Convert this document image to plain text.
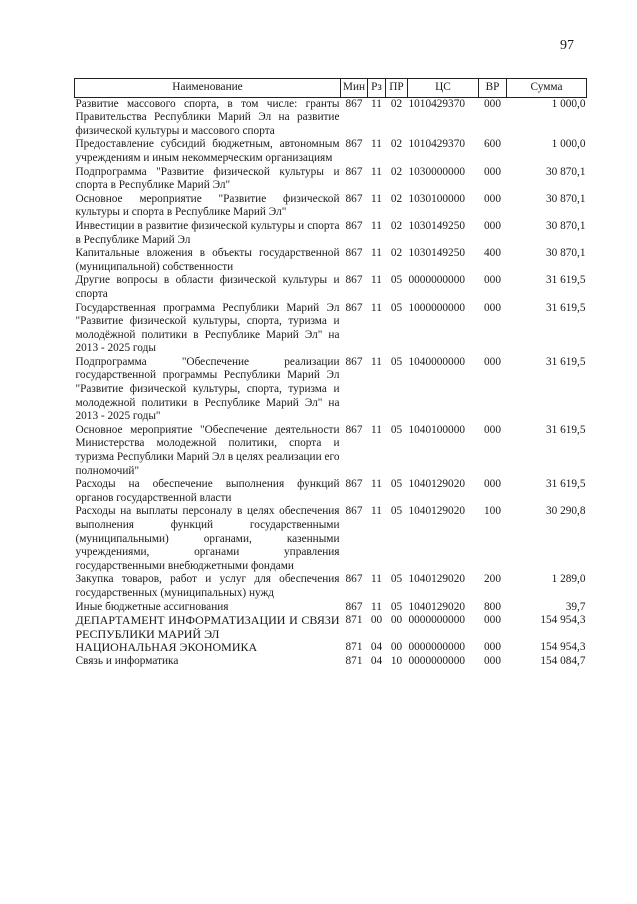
97
Наименование	Мин	Рз	ПР	ЦС	ВР	Сумма
Развитие массового спорта, в том числе: гранты Правительства Республики Марий Эл на развитие физической культуры и массового спорта	867	11	02	1010429370	000	1 000,0
Предоставление субсидий бюджетным, автономным учреждениям и иным некоммерческим организациям	867	11	02	1010429370	600	1 000,0
Подпрограмма "Развитие физической культуры и спорта в Республике Марий Эл"	867	11	02	1030000000	000	30 870,1
Основное мероприятие "Развитие физической культуры и спорта в Республике Марий Эл"	867	11	02	1030100000	000	30 870,1
Инвестиции в развитие физической культуры и спорта в Республике Марий Эл	867	11	02	1030149250	000	30 870,1
Капитальные вложения в объекты государственной (муниципальной) собственности	867	11	02	1030149250	400	30 870,1
Другие вопросы в области физической культуры и спорта	867	11	05	0000000000	000	31 619,5
Государственная программа Республики Марий Эл "Развитие физической культуры, спорта, туризма и молодёжной политики в Республике Марий Эл" на 2013 - 2025 годы	867	11	05	1000000000	000	31 619,5
Подпрограмма "Обеспечение реализации государственной программы Республики Марий Эл "Развитие физической культуры, спорта, туризма и молодежной политики в Республике Марий Эл" на 2013 - 2025 годы"	867	11	05	1040000000	000	31 619,5
Основное мероприятие "Обеспечение деятельности Министерства молодежной политики, спорта и туризма Республики Марий Эл в целях реализации его полномочий"	867	11	05	1040100000	000	31 619,5
Расходы на обеспечение выполнения функций органов государственной власти	867	11	05	1040129020	000	31 619,5
Расходы на выплаты персоналу в целях обеспечения выполнения функций государственными (муниципальными) органами, казенными учреждениями, органами управления государственными внебюджетными фондами	867	11	05	1040129020	100	30 290,8
Закупка товаров, работ и услуг для обеспечения государственных (муниципальных) нужд	867	11	05	1040129020	200	1 289,0
Иные бюджетные ассигнования	867	11	05	1040129020	800	39,7
ДЕПАРТАМЕНТ ИНФОРМАТИЗАЦИИ И СВЯЗИ РЕСПУБЛИКИ МАРИЙ ЭЛ	871	00	00	0000000000	000	154 954,3
НАЦИОНАЛЬНАЯ ЭКОНОМИКА	871	04	00	0000000000	000	154 954,3
Связь и информатика	871	04	10	0000000000	000	154 084,7
